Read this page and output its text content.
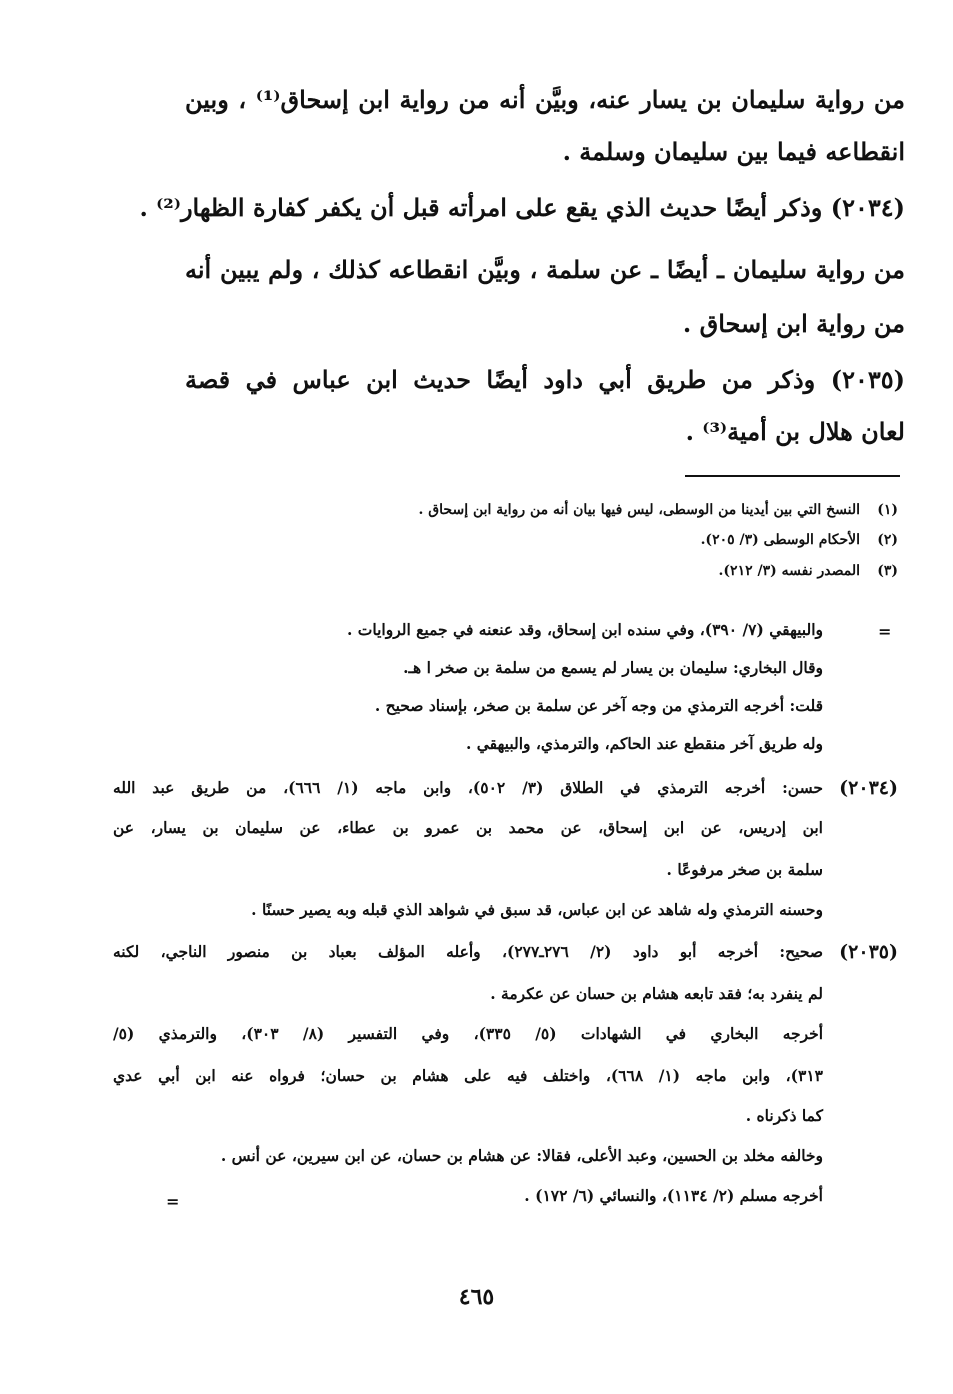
من رواية سليمان بن يسار عنه، وبيَّن أنه من رواية ابن إسحاق⁽¹⁾ ، وبين
انقطاعه فيما بين سليمان وسلمة .
(٢٠٣٤) وذكر أيضًا حديث الذي يقع على امرأته قبل أن يكفر كفارة الظهار⁽²⁾ .
من رواية سليمان ـ أيضًا ـ عن سلمة ، وبيَّن انقطاعه كذلك ، ولم يبين أنه
من رواية ابن إسحاق .
(٢٠٣٥) وذكر من طريق أبي داود أيضًا حديث ابن عباس في قصة
لعان هلال بن أمية⁽³⁾ .
(١)النسخ التي بين أيدينا من الوسطى، ليس فيها بيان أنه من رواية ابن إسحاق .
(٢)الأحكام الوسطى (٣/ ٢٠٥).
(٣)المصدر نفسه (٣/ ٢١٢).
=
=
والبيهقي (٧/ ٣٩٠)، وفي سنده ابن إسحاق، وقد عنعنه في جميع الروايات .
وقال البخاري: سليمان بن يسار لم يسمع من سلمة بن صخر ا هـ.
قلت: أخرجه الترمذي من وجه آخر عن سلمة بن صخر، بإسناد صحيح .
وله طريق آخر منقطع عند الحاكم، والترمذي، والبيهقي .
(٢٠٣٤)
حسن: أخرجه الترمذي في الطلاق (٣/ ٥٠٢)، وابن ماجه (١/ ٦٦٦)، من طريق عبد الله
ابن إدريس، عن ابن إسحاق، عن محمد بن عمرو بن عطاء، عن سليمان بن يسار، عن
سلمة بن صخر مرفوعًا .
وحسنه الترمذي وله شاهد عن ابن عباس، قد سبق في شواهد الذي قبله وبه يصير حسنًا .
(٢٠٣٥)
صحيح: أخرجه أبو داود (٢/ ٢٧٦ـ٢٧٧)، وأعله المؤلف بعباد بن منصور الناجي، لكنه
لم ينفرد به؛ فقد تابعه هشام بن حسان عن عكرمة .
أخرجه البخاري في الشهادات (٥/ ٣٣٥)، وفي التفسير (٨/ ٣٠٣)، والترمذي (٥/
٣١٣)، وابن ماجه (١/ ٦٦٨)، واختلف فيه على هشام بن حسان؛ فرواه عنه ابن أبي عدي
كما ذكرناه .
وخالفه مخلد بن الحسين، وعبد الأعلى، فقالا: عن هشام بن حسان، عن ابن سيرين، عن أنس .
أخرجه مسلم (٢/ ١١٣٤)، والنسائي (٦/ ١٧٢) .
٤٦٥
